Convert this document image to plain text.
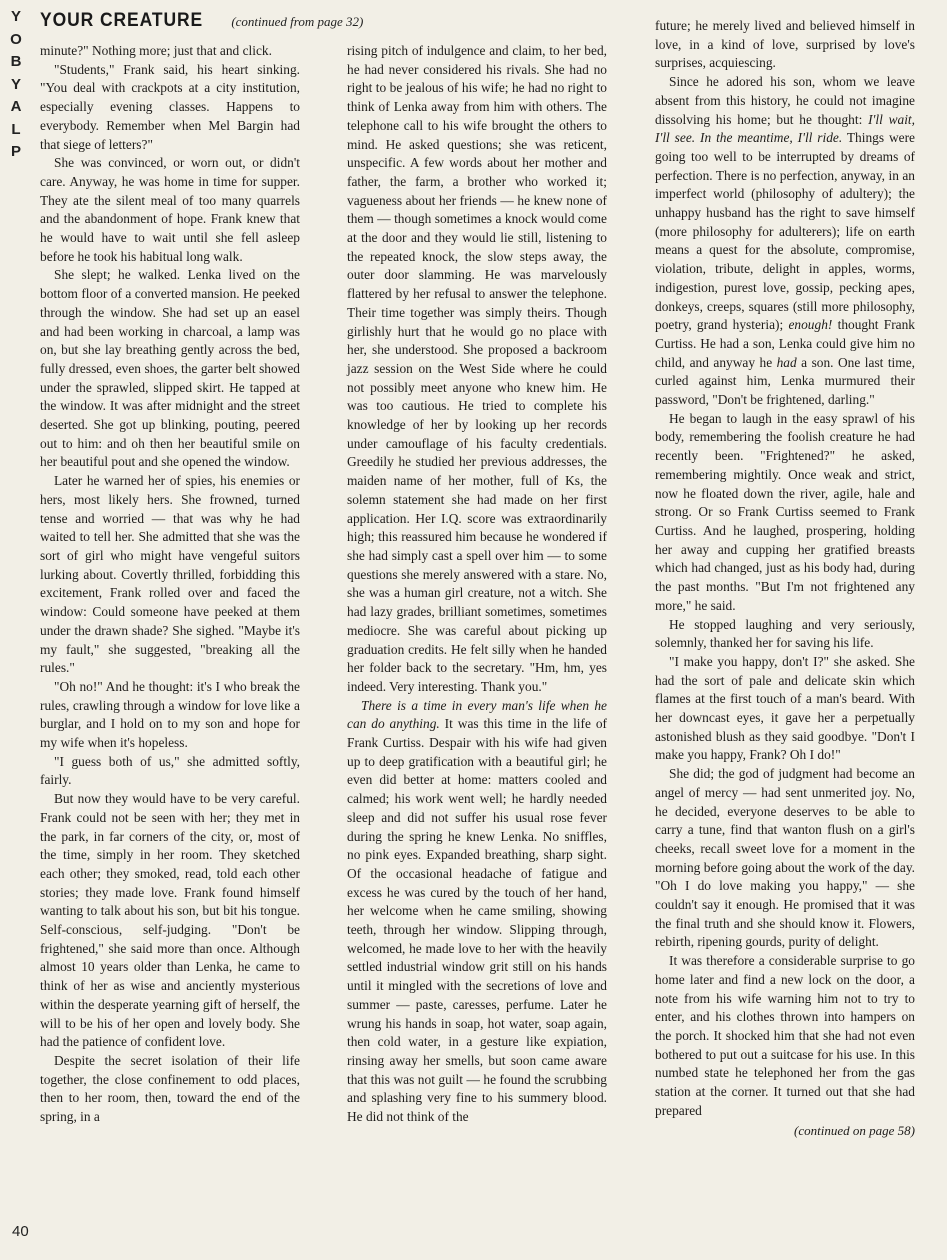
Y
O
B
Y
A
L
P
YOUR CREATURE (continued from page 32)

minute?" Nothing more; just that and click.

"Students," Frank said, his heart sinking. "You deal with crackpots at a city institution, especially evening classes. Happens to everybody. Remember when Mel Bargin had that siege of letters?"

She was convinced, or worn out, or didn't care. Anyway, he was home in time for supper. They ate the silent meal of too many quarrels and the abandonment of hope. Frank knew that he would have to wait until she fell asleep before he took his habitual long walk.

She slept; he walked. Lenka lived on the bottom floor of a converted mansion. He peeked through the window. She had set up an easel and had been working in charcoal, a lamp was on, but she lay breathing gently across the bed, fully dressed, even shoes, the garter belt showed under the sprawled, slipped skirt. He tapped at the window. It was after midnight and the street deserted. She got up blinking, pouting, peered out to him: and oh then her beautiful smile on her beautiful pout and she opened the window.

Later he warned her of spies, his enemies or hers, most likely hers. She frowned, turned tense and worried — that was why he had waited to tell her. She admitted that she was the sort of girl who might have vengeful suitors lurking about. Covertly thrilled, forbidding this excitement, Frank rolled over and faced the window: Could someone have peeked at them under the drawn shade? She sighed. "Maybe it's my fault," she suggested, "breaking all the rules."

"Oh no!" And he thought: it's I who break the rules, crawling through a window for love like a burglar, and I hold on to my son and hope for my wife when it's hopeless.

"I guess both of us," she admitted softly, fairly.

But now they would have to be very careful. Frank could not be seen with her; they met in the park, in far corners of the city, or, most of the time, simply in her room. They sketched each other; they smoked, read, told each other stories; they made love. Frank found himself wanting to talk about his son, but bit his tongue. Self-conscious, self-judging. "Don't be frightened," she said more than once. Although almost 10 years older than Lenka, he came to think of her as wise and anciently mysterious within the desperate yearning gift of herself, the will to be his of her open and lovely body. She had the patience of confident love.

Despite the secret isolation of their life together, the close confinement to odd places, then to her room, then, toward the end of the spring, in a

rising pitch of indulgence and claim, to her bed, he had never considered his rivals. She had no right to be jealous of his wife; he had no right to think of Lenka away from him with others. The telephone call to his wife brought the others to mind. He asked questions; she was reticent, unspecific. A few words about her mother and father, the farm, a brother who worked it; vagueness about her friends — he knew none of them — though sometimes a knock would come at the door and they would lie still, listening to the repeated knock, the slow steps away, the outer door slamming. He was marvelously flattered by her refusal to answer the telephone. Their time together was simply theirs. Though girlishly hurt that he would go no place with her, she understood. She proposed a backroom jazz session on the West Side where he could not possibly meet anyone who knew him. He was too cautious. He tried to complete his knowledge of her by looking up her records under camouflage of his faculty credentials. Greedily he studied her previous addresses, the maiden name of her mother, full of Ks, the solemn statement she had made on her first application. Her I.Q. score was extraordinarily high; this reassured him because he wondered if she had simply cast a spell over him — to some questions she merely answered with a stare. No, she was a human girl creature, not a witch. She had lazy grades, brilliant sometimes, sometimes mediocre. She was careful about picking up graduation credits. He felt silly when he handed her folder back to the secretary. "Hm, hm, yes indeed. Very interesting. Thank you."

There is a time in every man's life when he can do anything. It was this time in the life of Frank Curtiss. Despair with his wife had given up to deep gratification with a beautiful girl; he even did better at home: matters cooled and calmed; his work went well; he hardly needed sleep and did not suffer his usual rose fever during the spring he knew Lenka. No sniffles, no pink eyes. Expanded breathing, sharp sight. Of the occasional headache of fatigue and excess he was cured by the touch of her hand, her welcome when he came smiling, showing teeth, through her window. Slipping through, welcomed, he made love to her with the heavily settled industrial window grit still on his hands until it mingled with the secretions of love and summer — paste, caresses, perfume. Later he wrung his hands in soap, hot water, soap again, then cold water, in a gesture like expiation, rinsing away her smells, but soon came aware that this was not guilt — he found the scrubbing and splashing very fine to his summery blood. He did not think of the

future; he merely lived and believed himself in love, in a kind of love, surprised by love's surprises, acquiescing.

Since he adored his son, whom we leave absent from this history, he could not imagine dissolving his home; but he thought: I'll wait, I'll see. In the meantime, I'll ride. Things were going too well to be interrupted by dreams of perfection. There is no perfection, anyway, in an imperfect world (philosophy of adultery); the unhappy husband has the right to save himself (more philosophy for adulterers); life on earth means a quest for the absolute, compromise, violation, tribute, delight in apples, worms, indigestion, purest love, gossip, pecking apes, donkeys, creeps, squares (still more philosophy, poetry, grand hysteria); enough! thought Frank Curtiss. He had a son, Lenka could give him no child, and anyway he had a son. One last time, curled against him, Lenka murmured their password, "Don't be frightened, darling."

He began to laugh in the easy sprawl of his body, remembering the foolish creature he had recently been. "Frightened?" he asked, remembering mightily. Once weak and strict, now he floated down the river, agile, hale and strong. Or so Frank Curtiss seemed to Frank Curtiss. And he laughed, prospering, holding her away and cupping her gratified breasts which had changed, just as his body had, during the past months. "But I'm not frightened any more," he said.

He stopped laughing and very seriously, solemnly, thanked her for saving his life.

"I make you happy, don't I?" she asked. She had the sort of pale and delicate skin which flames at the first touch of a man's beard. With her downcast eyes, it gave her a perpetually astonished blush as they said goodbye. "Don't I make you happy, Frank? Oh I do!"

She did; the god of judgment had become an angel of mercy — had sent unmerited joy. No, he decided, everyone deserves to be able to carry a tune, find that wanton flush on a girl's cheeks, recall sweet love for a moment in the morning before going about the work of the day. "Oh I do love making you happy," — she couldn't say it enough. He promised that it was the final truth and she should know it. Flowers, rebirth, ripening gourds, purity of delight.

It was therefore a considerable surprise to go home later and find a new lock on the door, a note from his wife warning him not to try to enter, and his clothes thrown into hampers on the porch. It shocked him that she had not even bothered to put out a suitcase for his use. In this numbed state he telephoned her from the gas station at the corner. It turned out that she had prepared

(continued on page 58)
40
